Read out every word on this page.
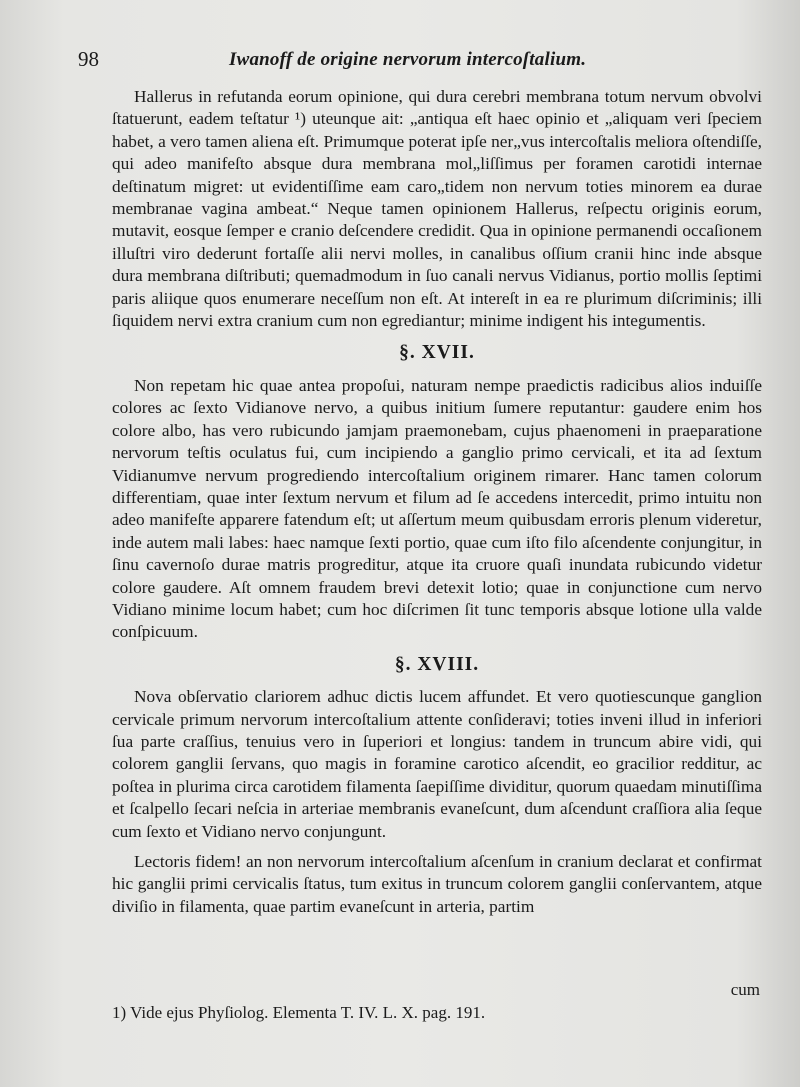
98	Iwanoff de origine nervorum intercoſtalium.

Hallerus in refutanda eorum opinione, qui dura cerebri membrana totum nervum obvolvi ſtatuerunt, eadem teſtatur ¹) uteunque ait: „antiqua eſt haec opinio et „aliquam veri ſpeciem habet, a vero tamen aliena eſt. Primumque poterat ipſe ner„vus intercoſtalis meliora oſtendiſſe, qui adeo manifeſto absque dura membrana mol„liſſimus per foramen carotidi internae deſtinatum migret: ut evidentiſſime eam caro„tidem non nervum toties minorem ea durae membranae vagina ambeat.“ Neque tamen opinionem Hallerus, reſpectu originis eorum, mutavit, eosque ſemper e cranio deſcendere credidit. Qua in opinione permanendi occaſionem illuſtri viro dederunt fortaſſe alii nervi molles, in canalibus oſſium cranii hinc inde absque dura membrana diſtributi; quemadmodum in ſuo canali nervus Vidianus, portio mollis ſeptimi paris aliique quos enumerare neceſſum non eſt. At intereſt in ea re plurimum diſcriminis; illi ſiquidem nervi extra cranium cum non egrediantur; minime indigent his integumentis.

§. XVII.

Non repetam hic quae antea propoſui, naturam nempe praedictis radicibus alios induiſſe colores ac ſexto Vidianove nervo, a quibus initium ſumere reputantur: gaudere enim hos colore albo, has vero rubicundo jamjam praemonebam, cujus phaenomeni in praeparatione nervorum teſtis oculatus fui, cum incipiendo a ganglio primo cervicali, et ita ad ſextum Vidianumve nervum progrediendo intercoſtalium originem rimarer. Hanc tamen colorum differentiam, quae inter ſextum nervum et filum ad ſe accedens intercedit, primo intuitu non adeo manifeſte apparere fatendum eſt; ut aſſertum meum quibusdam erroris plenum videretur, inde autem mali labes: haec namque ſexti portio, quae cum iſto filo aſcendente conjungitur, in ſinu cavernoſo durae matris progreditur, atque ita cruore quaſi inundata rubicundo videtur colore gaudere. Aſt omnem fraudem brevi detexit lotio; quae in conjunctione cum nervo Vidiano minime locum habet; cum hoc diſcrimen ſit tunc temporis absque lotione ulla valde conſpicuum.

§. XVIII.

Nova obſervatio clariorem adhuc dictis lucem affundet. Et vero quotiescunque ganglion cervicale primum nervorum intercoſtalium attente conſideravi; toties inveni illud in inferiori ſua parte craſſius, tenuius vero in ſuperiori et longius: tandem in truncum abire vidi, qui colorem ganglii ſervans, quo magis in foramine carotico aſcendit, eo gracilior redditur, ac poſtea in plurima circa carotidem filamenta ſaepiſſime dividitur, quorum quaedam minutiſſima et ſcalpello ſecari neſcia in arteriae membranis evaneſcunt, dum aſcendunt craſſiora alia ſeque cum ſexto et Vidiano nervo conjungunt.

Lectoris fidem! an non nervorum intercoſtalium aſcenſum in cranium declarat et confirmat hic ganglii primi cervicalis ſtatus, tum exitus in truncum colorem ganglii conſervantem, atque diviſio in filamenta, quae partim evaneſcunt in arteria, partim

cum
1) Vide ejus Phyſiolog. Elementa T. IV. L. X. pag. 191.
